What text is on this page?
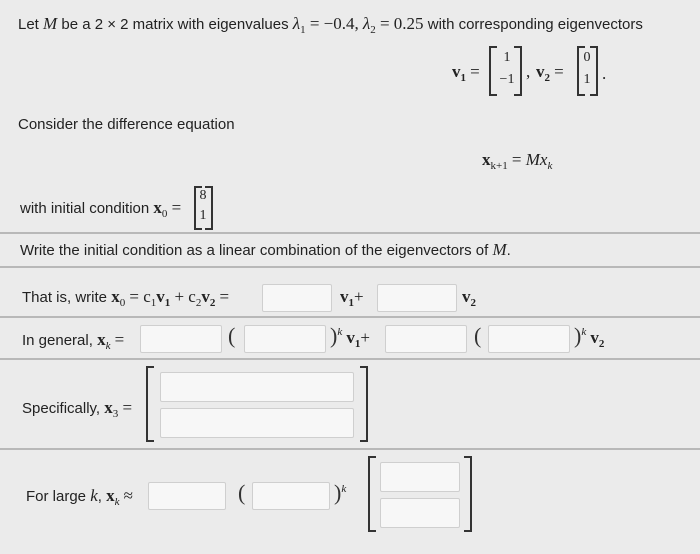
Let M be a 2 × 2 matrix with eigenvalues $\lambda_1 = -0.4$, $\lambda_2 = 0.25$ with corresponding eigenvectors
$v_1$ =
1
−1 , $v_2$ =
0
1 .
Consider the difference equation
$x_{k+1} = Mx_k$
with initial condition $x_0$ =
8
1
Write the initial condition as a linear combination of the eigenvectors of M.
That is, write $x_0 = c_1v_1 + c_2v_2$ =	$v_1+$	$v_2$
In general, $x_k$ =	(	)$^k$ $v_1+$	(	)$^k$ $v_2$
Specifically, $x_3$ =
For large k, $x_k$ ≈	(	)$^k$
